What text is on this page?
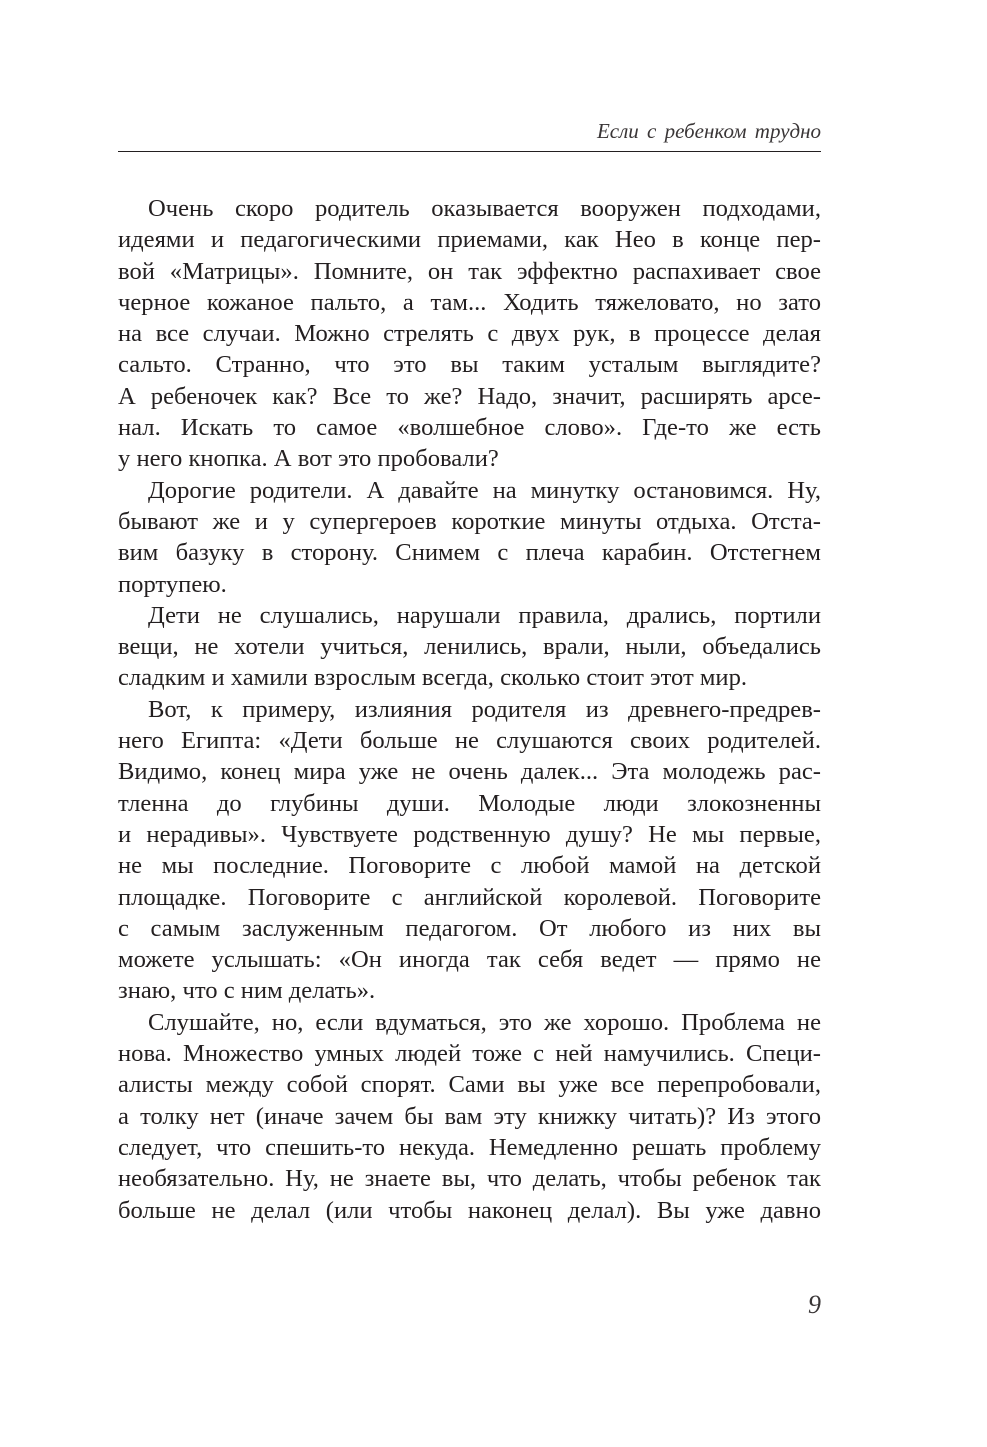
Если с ребенком трудно
Очень скоро родитель оказывается вооружен подходами,
идеями и педагогическими приемами, как Нео в конце пер-
вой «Матрицы». Помните, он так эффектно распахивает свое
черное кожаное пальто, а там... Ходить тяжеловато, но зато
на все случаи. Можно стрелять с двух рук, в процессе делая
сальто. Странно, что это вы таким усталым выглядите?
А ребеночек как? Все то же? Надо, значит, расширять арсе-
нал. Искать то самое «волшебное слово». Где-то же есть
у него кнопка. А вот это пробовали?
Дорогие родители. А давайте на минутку остановимся. Ну,
бывают же и у супергероев короткие минуты отдыха. Отста-
вим базуку в сторону. Снимем с плеча карабин. Отстегнем
портупею.
Дети не слушались, нарушали правила, дрались, портили
вещи, не хотели учиться, ленились, врали, ныли, объедались
сладким и хамили взрослым всегда, сколько стоит этот мир.
Вот, к примеру, излияния родителя из древнего-предрев-
него Египта: «Дети больше не слушаются своих родителей.
Видимо, конец мира уже не очень далек... Эта молодежь рас-
тленна до глубины души. Молодые люди злокозненны
и нерадивы». Чувствуете родственную душу? Не мы первые,
не мы последние. Поговорите с любой мамой на детской
площадке. Поговорите с английской королевой. Поговорите
с самым заслуженным педагогом. От любого из них вы
можете услышать: «Он иногда так себя ведет — прямо не
знаю, что с ним делать».
Слушайте, но, если вдуматься, это же хорошо. Проблема не
нова. Множество умных людей тоже с ней намучились. Специ-
алисты между собой спорят. Сами вы уже все перепробовали,
а толку нет (иначе зачем бы вам эту книжку читать)? Из этого
следует, что спешить-то некуда. Немедленно решать проблему
необязательно. Ну, не знаете вы, что делать, чтобы ребенок так
больше не делал (или чтобы наконец делал). Вы уже давно
9
